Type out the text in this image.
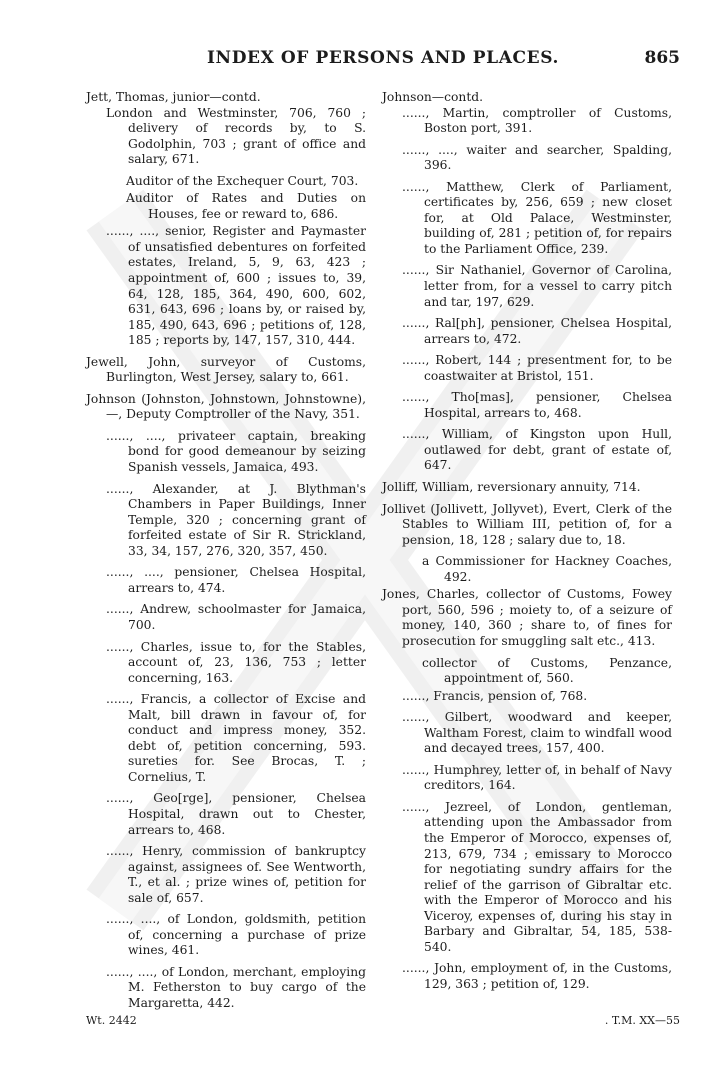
INDEX OF PERSONS AND PLACES.	865

Jett, Thomas, junior—contd.

London and Westminster, 706, 760 ; delivery of records by, to S. Godolphin, 703 ; grant of office and salary, 671.

Auditor of the Exchequer Court, 703.

Auditor of Rates and Duties on Houses, fee or reward to, 686.

......, ...., senior, Register and Paymaster of unsatisfied debentures on forfeited estates, Ireland, 5, 9, 63, 423 ; appointment of, 600 ; issues to, 39, 64, 128, 185, 364, 490, 600, 602, 631, 643, 696 ; loans by, or raised by, 185, 490, 643, 696 ; petitions of, 128, 185 ; reports by, 147, 157, 310, 444.

Jewell, John, surveyor of Customs, Burlington, West Jersey, salary to, 661.

Johnson (Johnston, Johnstown, Johnstowne), —, Deputy Comptroller of the Navy, 351.

......, ...., privateer captain, breaking bond for good demeanour by seizing Spanish vessels, Jamaica, 493.

......, Alexander, at J. Blythman's Chambers in Paper Buildings, Inner Temple, 320 ; concerning grant of forfeited estate of Sir R. Strickland, 33, 34, 157, 276, 320, 357, 450.

......, ...., pensioner, Chelsea Hospital, arrears to, 474.

......, Andrew, schoolmaster for Jamaica, 700.

......, Charles, issue to, for the Stables, account of, 23, 136, 753 ; letter concerning, 163.

......, Francis, a collector of Excise and Malt, bill drawn in favour of, for conduct and impress money, 352. debt of, petition concerning, 593. sureties for. See Brocas, T. ; Cornelius, T.

......, Geo[rge], pensioner, Chelsea Hospital, drawn out to Chester, arrears to, 468.

......, Henry, commission of bankruptcy against, assignees of. See Wentworth, T., et al. ; prize wines of, petition for sale of, 657.

......, ...., of London, goldsmith, petition of, concerning a purchase of prize wines, 461.

......, ...., of London, merchant, employing M. Fetherston to buy cargo of the Margaretta, 442.

Johnson—contd.

......, Martin, comptroller of Customs, Boston port, 391.

......, ...., waiter and searcher, Spalding, 396.

......, Matthew, Clerk of Parliament, certificates by, 256, 659 ; new closet for, at Old Palace, Westminster, building of, 281 ; petition of, for repairs to the Parliament Office, 239.

......, Sir Nathaniel, Governor of Carolina, letter from, for a vessel to carry pitch and tar, 197, 629.

......, Ral[ph], pensioner, Chelsea Hospital, arrears to, 472.

......, Robert, 144 ; presentment for, to be coastwaiter at Bristol, 151.

......, Tho[mas], pensioner, Chelsea Hospital, arrears to, 468.

......, William, of Kingston upon Hull, outlawed for debt, grant of estate of, 647.

Jolliff, William, reversionary annuity, 714.

Jollivet (Jollivett, Jollyvet), Evert, Clerk of the Stables to William III, petition of, for a pension, 18, 128 ; salary due to, 18.

a Commissioner for Hackney Coaches, 492.

Jones, Charles, collector of Customs, Fowey port, 560, 596 ; moiety to, of a seizure of money, 140, 360 ; share to, of fines for prosecution for smuggling salt etc., 413.

collector of Customs, Penzance, appointment of, 560.

......, Francis, pension of, 768.

......, Gilbert, woodward and keeper, Waltham Forest, claim to windfall wood and decayed trees, 157, 400.

......, Humphrey, letter of, in behalf of Navy creditors, 164.

......, Jezreel, of London, gentleman, attending upon the Ambassador from the Emperor of Morocco, expenses of, 213, 679, 734 ; emissary to Morocco for negotiating sundry affairs for the relief of the garrison of Gibraltar etc. with the Emperor of Morocco and his Viceroy, expenses of, during his stay in Barbary and Gibraltar, 54, 185, 538-540.

......, John, employment of, in the Customs, 129, 363 ; petition of, 129.

Wt. 2442	. T.M. XX—55
